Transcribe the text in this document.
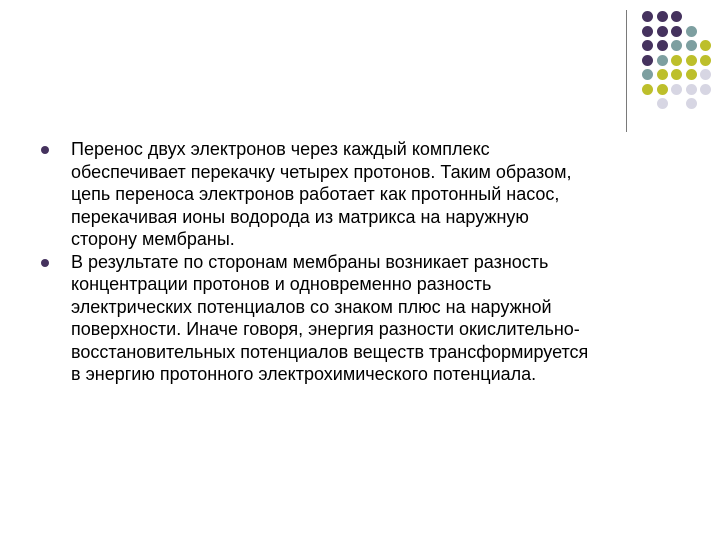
Перенос двух электронов через каждый комплекс
обеспечивает перекачку четырех протонов. Таким образом,
цепь переноса электронов работает как протонный насос,
перекачивая ионы водорода из матрикса на наружную
сторону мембраны.
В результате по сторонам мембраны возникает разность
концентрации протонов и одновременно разность
электрических потенциалов со знаком плюс на наружной
поверхности. Иначе говоря, энергия разности окислительно-
восстановительных потенциалов веществ трансформируется
в энергию протонного электрохимического потенциала.
